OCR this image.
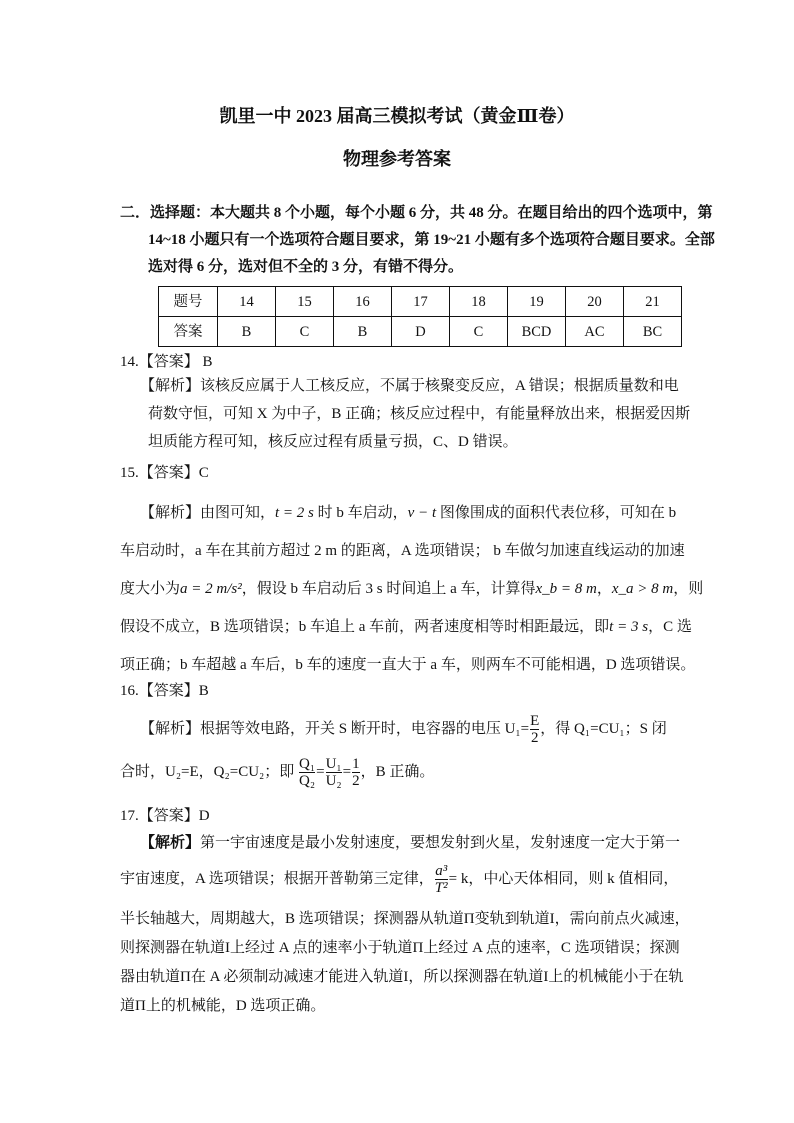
凯里一中 2023 届高三模拟考试（黄金Ⅲ卷）
物理参考答案
二．选择题：本大题共 8 个小题，每个小题 6 分，共 48 分。在题目给出的四个选项中，第
14~18 小题只有一个选项符合题目要求，第 19~21 小题有多个选项符合题目要求。全部
选对得 6 分，选对但不全的 3 分，有错不得分。
题号	14	15	16	17	18	19	20	21
答案	B	C	B	D	C	BCD	AC	BC
14.【答案】 B
【解析】该核反应属于人工核反应，不属于核聚变反应，A 错误；根据质量数和电
荷数守恒，可知 X 为中子，B 正确；核反应过程中，有能量释放出来，根据爱因斯
坦质能方程可知，核反应过程有质量亏损，C、D 错误。
15.【答案】C
【解析】由图可知，t = 2 s 时 b 车启动，v − t 图像围成的面积代表位移，可知在 b
车启动时，a 车在其前方超过 2 m 的距离，A 选项错误； b 车做匀加速直线运动的加速
度大小为a = 2 m/s²，假设 b 车启动后 3 s 时间追上 a 车，计算得x_b = 8 m，x_a > 8 m，则
假设不成立，B 选项错误；b 车追上 a 车前，两者速度相等时相距最远，即t = 3 s，C 选
项正确；b 车超越 a 车后，b 车的速度一直大于 a 车，则两车不可能相遇，D 选项错误。
16.【答案】B
【解析】根据等效电路，开关 S 断开时，电容器的电压 $U_1= \frac{E}{2}$ ，得 Q₁=CU₁；S 闭
合时，U₂=E，Q₂=CU₂；即 $\frac{\text{Q₁}}{\text{Q₂}} = \frac{\text{U₁}}{\text{U₂}} = \frac{1}{2}$ ，B 正确。
17.【答案】D
【解析】第一宇宙速度是最小发射速度，要想发射到火星，发射速度一定大于第一
宇宙速度，A 选项错误；根据开普勒第三定律， $\frac{\text{a³}}{\text{T²}} = k$，中心天体相同，则 k 值相同，
半长轴越大，周期越大，B 选项错误；探测器从轨道Π变轨到轨道I，需向前点火减速，
则探测器在轨道I上经过 A 点的速率小于轨道Π上经过 A 点的速率，C 选项错误；探测
器由轨道Π在 A 必须制动减速才能进入轨道I，所以探测器在轨道I上的机械能小于在轨
道Π上的机械能，D 选项正确。
